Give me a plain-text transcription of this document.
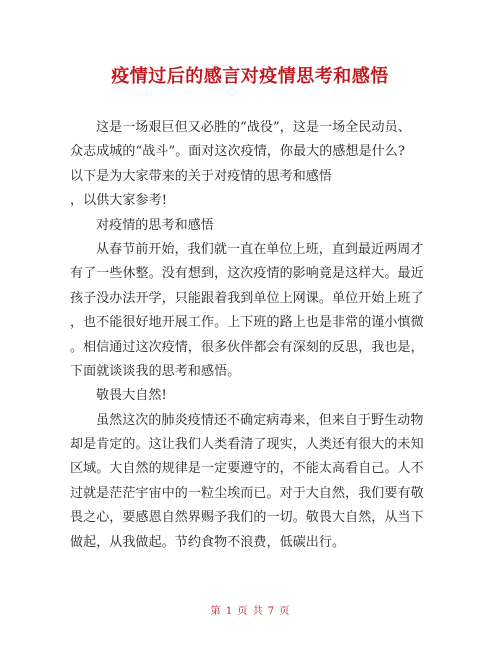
疫情过后的感言对疫情思考和感悟
这是一场艰巨但又必胜的“战役”，这是一场全民动员、
众志成城的“战斗”。面对这次疫情，你最大的感想是什么?
以下是为大家带来的关于对疫情的思考和感悟
，以供大家参考!
对疫情的思考和感悟
从春节前开始，我们就一直在单位上班，直到最近两周才
有了一些休整。没有想到，这次疫情的影响竟是这样大。最近
孩子没办法开学，只能跟着我到单位上网课。单位开始上班了
，也不能很好地开展工作。上下班的路上也是非常的谨小慎微
。相信通过这次疫情，很多伙伴都会有深刻的反思，我也是，
下面就谈谈我的思考和感悟。
敬畏大自然!
虽然这次的肺炎疫情还不确定病毒来，但来自于野生动物
却是肯定的。这让我们人类看清了现实，人类还有很大的未知
区域。大自然的规律是一定要遵守的，不能太高看自己。人不
过就是茫茫宇宙中的一粒尘埃而已。对于大自然，我们要有敬
畏之心，要感恩自然界赐予我们的一切。敬畏大自然，从当下
做起，从我做起。节约食物不浪费，低碳出行。
第 1 页 共 7 页
